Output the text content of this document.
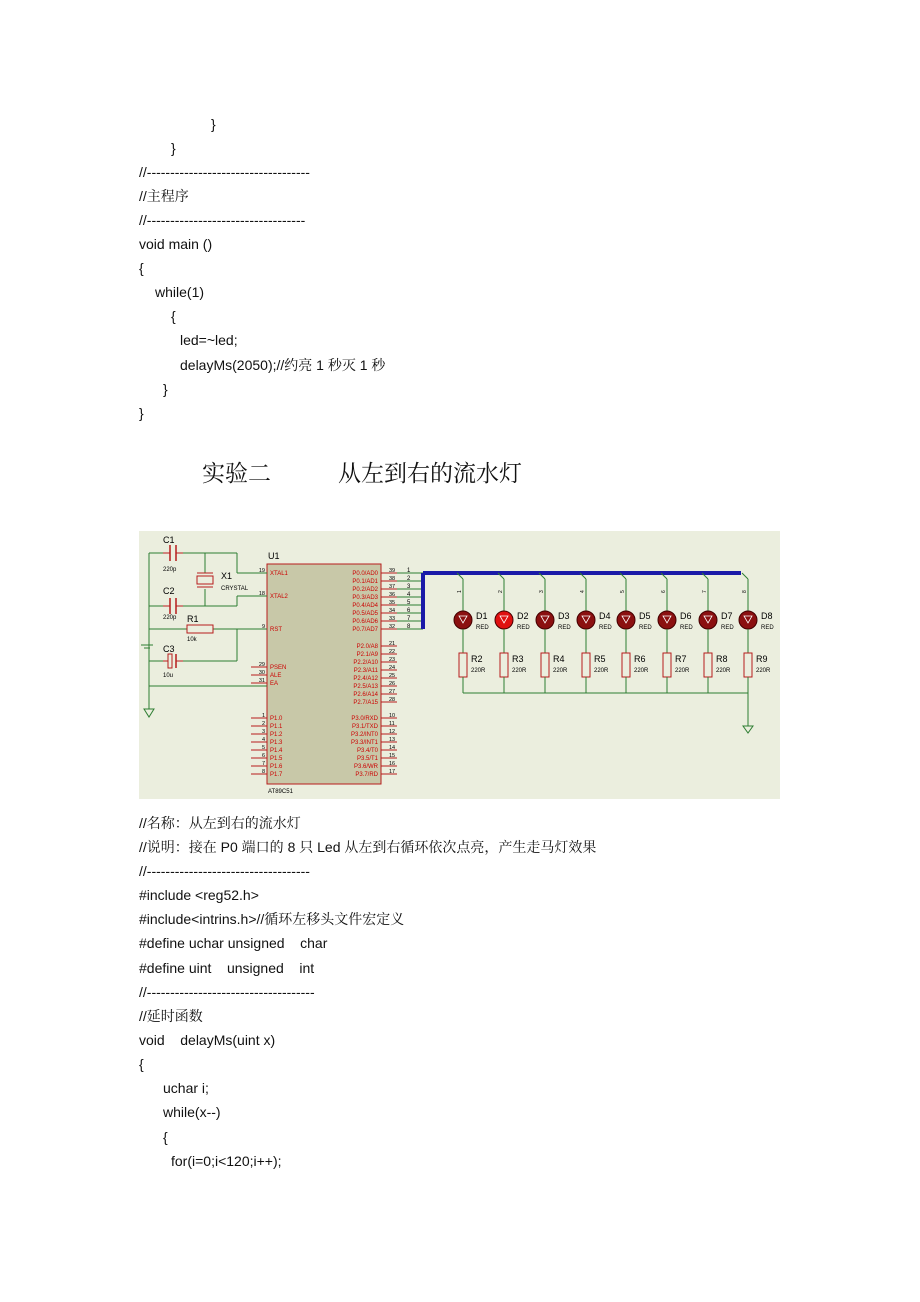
}
}
//-----------------------------------
//主程序
//----------------------------------
void main ()
{
while(1)
{
led=~led;
delayMs(2050);//约亮 1 秒灭 1 秒
}
}
实验二	从左到右的流水灯
U1
AT89C51
19 XTAL1
18 XTAL2
9 RST
29 PSEN
30 ALE
31 EA
1 P1.0
2 P1.1
3 P1.2
4 P1.3
5 P1.4
6 P1.5
7 P1.6
8 P1.7
39
P0.0/AD0	1
38
P0.1/AD1	2
37
P0.2/AD2	3
36
P0.3/AD3	4
35
P0.4/AD4	5
34
P0.5/AD5	6
33
P0.6/AD6	7
32
P0.7/AD7	8
21
P2.0/A8
22
P2.1/A9
23
P2.2/A10
24
P2.3/A11
25
P2.4/A12
26
P2.5/A13
27
P2.6/A14
28
P2.7/A15
10
P3.0/RXD
11
P3.1/TXD
12
P3.2/INT0
13
P3.3/INT1
14
P3.4/T0
15
P3.5/T1
16
P3.6/WR
17
P3.7/RD
C1
220p
C2
220p
X1
CRYSTAL
R1
10k
C3
10u
1
D1
RED
R2
220R
2
D2
RED
R3
220R
3
D3
RED
R4
220R
4
D4
RED
R5
220R
5
D5
RED
R6
220R
6
D6
RED
R7
220R
7
D7
RED
R8
220R
8
D8
RED
R9
220R
//名称：从左到右的流水灯
//说明：接在 P0 端口的 8 只 Led 从左到右循环依次点亮，产生走马灯效果
//-----------------------------------
#include <reg52.h>
#include<intrins.h>//循环左移头文件宏定义
#define uchar unsigned    char
#define uint    unsigned    int
//------------------------------------
//延时函数
void    delayMs(uint x)
{
uchar i;
while(x--)
{
for(i=0;i<120;i++);
